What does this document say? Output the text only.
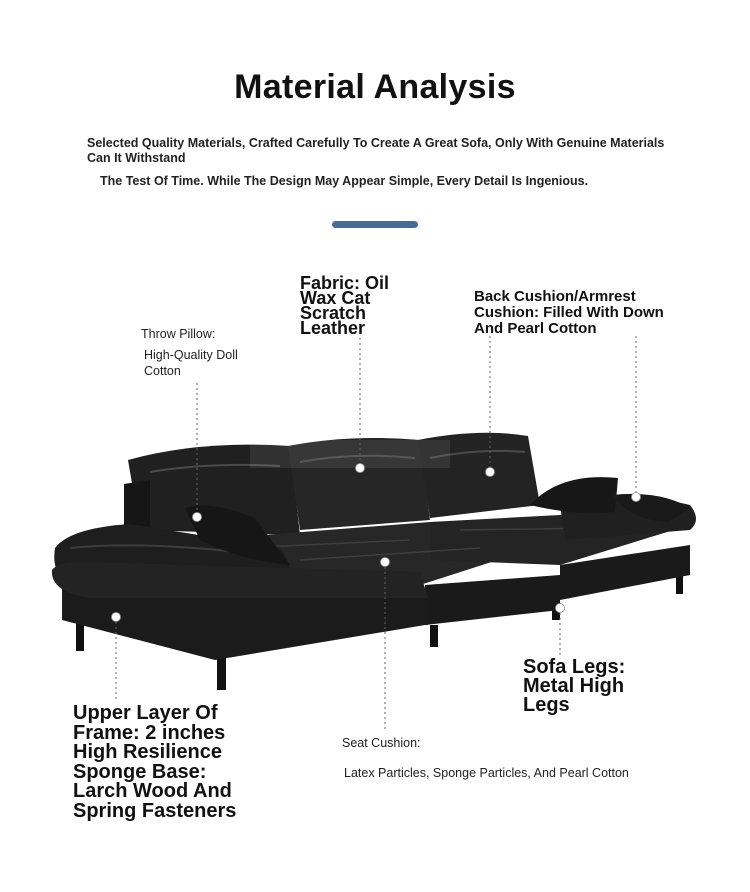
Material Analysis
Selected Quality Materials, Crafted Carefully To Create A Great Sofa, Only With Genuine Materials Can It Withstand
The Test Of Time. While The Design May Appear Simple, Every Detail Is Ingenious.
Fabric: Oil Wax Cat Scratch Leather
Back Cushion/Armrest Cushion: Filled With Down And Pearl Cotton
Throw Pillow:
High-Quality Doll Cotton
Sofa Legs: Metal High Legs
Upper Layer Of Frame: 2 inches High Resilience Sponge Base: Larch Wood And Spring Fasteners
Seat Cushion:
Latex Particles, Sponge Particles, And Pearl Cotton
